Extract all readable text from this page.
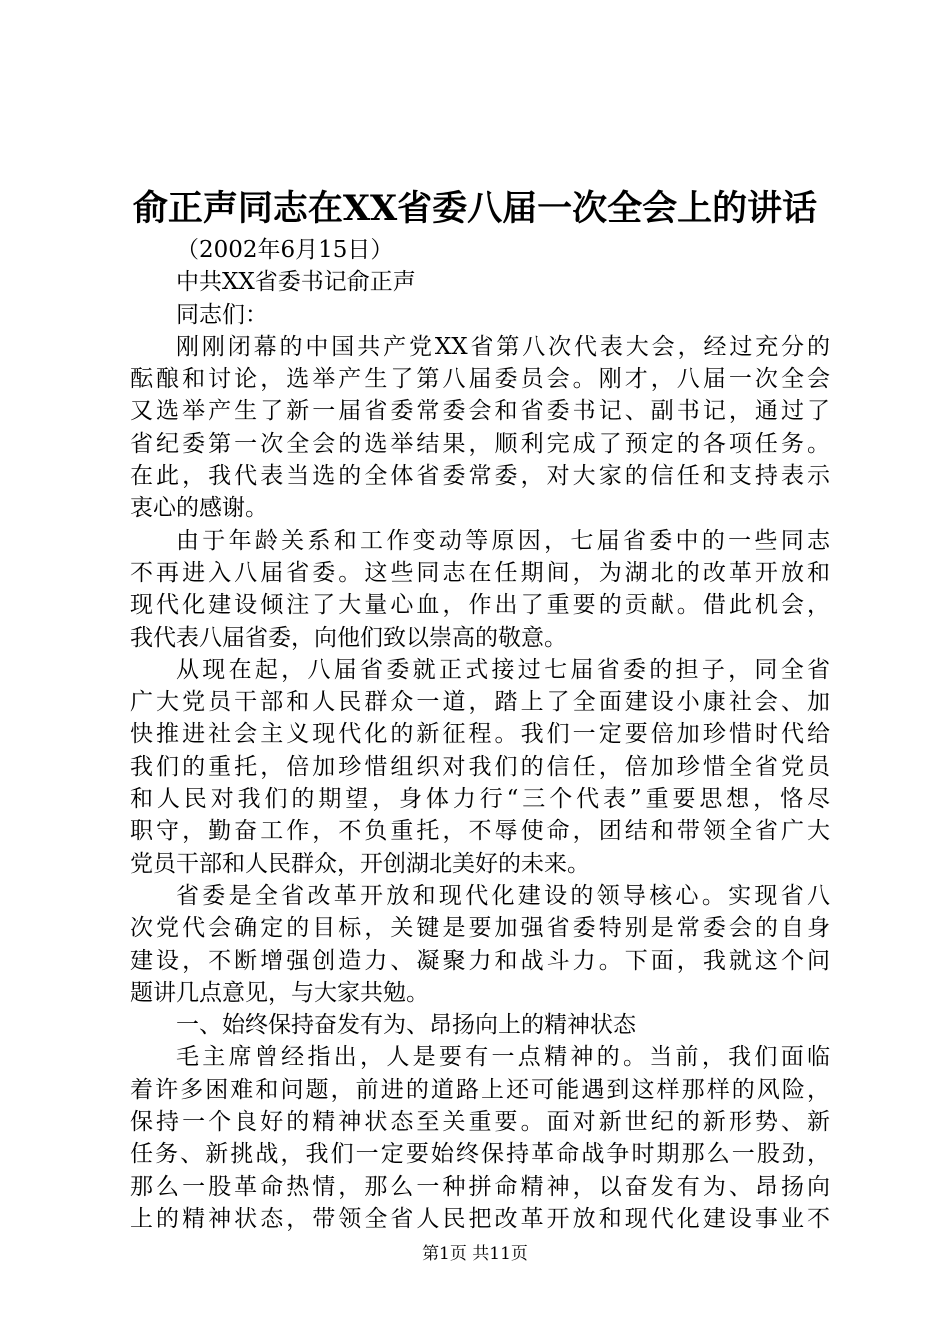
俞正声同志在XX省委八届一次全会上的讲话
（2002年6月15日）
中共XX省委书记俞正声
同志们：
刚刚闭幕的中国共产党XX省第八次代表大会，经过充分的
酝酿和讨论，选举产生了第八届委员会。刚才，八届一次全会
又选举产生了新一届省委常委会和省委书记、副书记，通过了
省纪委第一次全会的选举结果，顺利完成了预定的各项任务。
在此，我代表当选的全体省委常委，对大家的信任和支持表示
衷心的感谢。
由于年龄关系和工作变动等原因，七届省委中的一些同志
不再进入八届省委。这些同志在任期间，为湖北的改革开放和
现代化建设倾注了大量心血，作出了重要的贡献。借此机会，
我代表八届省委，向他们致以崇高的敬意。
从现在起，八届省委就正式接过七届省委的担子，同全省
广大党员干部和人民群众一道，踏上了全面建设小康社会、加
快推进社会主义现代化的新征程。我们一定要倍加珍惜时代给
我们的重托，倍加珍惜组织对我们的信任，倍加珍惜全省党员
和人民对我们的期望，身体力行“三个代表”重要思想，恪尽
职守，勤奋工作，不负重托，不辱使命，团结和带领全省广大
党员干部和人民群众，开创湖北美好的未来。
省委是全省改革开放和现代化建设的领导核心。实现省八
次党代会确定的目标，关键是要加强省委特别是常委会的自身
建设，不断增强创造力、凝聚力和战斗力。下面，我就这个问
题讲几点意见，与大家共勉。
一、始终保持奋发有为、昂扬向上的精神状态
毛主席曾经指出，人是要有一点精神的。当前，我们面临
着许多困难和问题，前进的道路上还可能遇到这样那样的风险，
保持一个良好的精神状态至关重要。面对新世纪的新形势、新
任务、新挑战，我们一定要始终保持革命战争时期那么一股劲，
那么一股革命热情，那么一种拼命精神，以奋发有为、昂扬向
上的精神状态，带领全省人民把改革开放和现代化建设事业不
第1页 共11页
